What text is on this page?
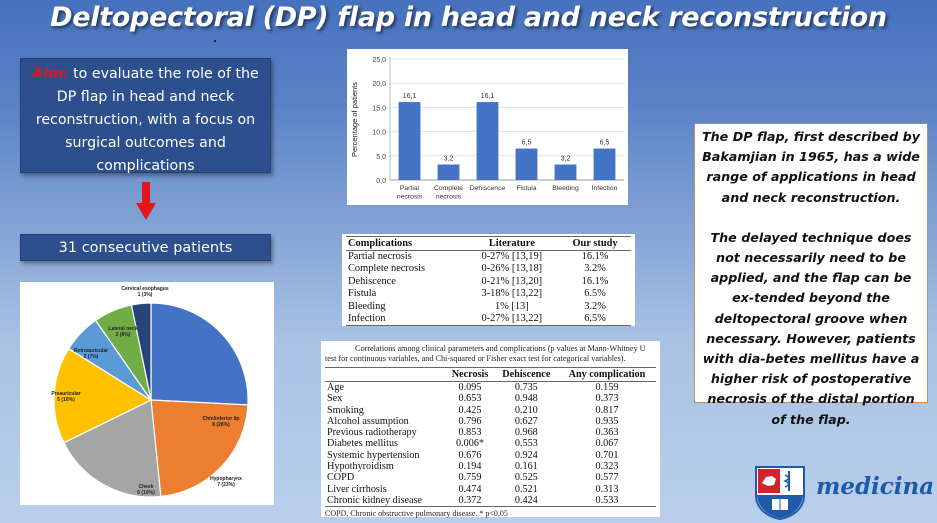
Deltopectoral (DP) flap in head and neck reconstruction
Aim: to evaluate the role of the DP flap in head and neck reconstruction, with a focus on surgical outcomes and complications
31 consecutive patients
Chin/inferior lip
8 (26%)
Hypopharynx
7 (23%)
Cheek
6 (19%)
Preauricular
5 (16%)
Retroauricular
2 (7%)
Lateral neck
2 (6%)
Cervical esophagus
1 (3%)
0,0
5,0
10,0
15,0
20,0
25,0
Percentage of patients	16,1
Partial
necrosis
3,2
Complete
necrosis
16,1
Dehiscence
6,5
Fistula
3,2
Bleeding
6,5
Infection
Complications	Literature	Our study
Partial necrosis	0-27% [13,19]	16.1%
Complete necrosis	0-26% [13,18]	3.2%
Dehiscence	0-21% [13,20]	16.1%
Fistula	3-18% [13,22]	6.5%
Bleeding	1% [13]	3.2%
Infection	0-27% [13,22]	6.5%
Correlations among clinical parameters and complications (p values at Mann-Whitney U test for continuous variables, and Chi-squared or Fisher exact test for categorical variables).
	Necrosis	Dehiscence	Any complication
Age	0.095	0.735	0.159
Sex	0.653	0.948	0.373
Smoking	0.425	0.210	0.817
Alcohol assumption	0.796	0.627	0.935
Previous radiotherapy	0.853	0.968	0.363
Diabetes mellitus	0.006*	0.553	0.067
Systemic hypertension	0.676	0.924	0.701
Hypothyroidism	0.194	0.161	0.323
COPD	0.759	0.525	0.577
Liver cirrhosis	0.474	0.521	0.313
Chronic kidney disease	0.372	0.424	0.533
COPD, Chronic obstructive pulmonary disease. * p<0.05

The DP flap, first described by Bakamjian in 1965, has a wide range of applications in head and neck reconstruction.

The delayed technique does not necessarily need to be applied, and the flap can be ex-tended beyond the deltopectoral groove when necessary. However, patients with dia-betes mellitus have a higher risk of postoperative necrosis of the distal portion of the flap.

medicina
